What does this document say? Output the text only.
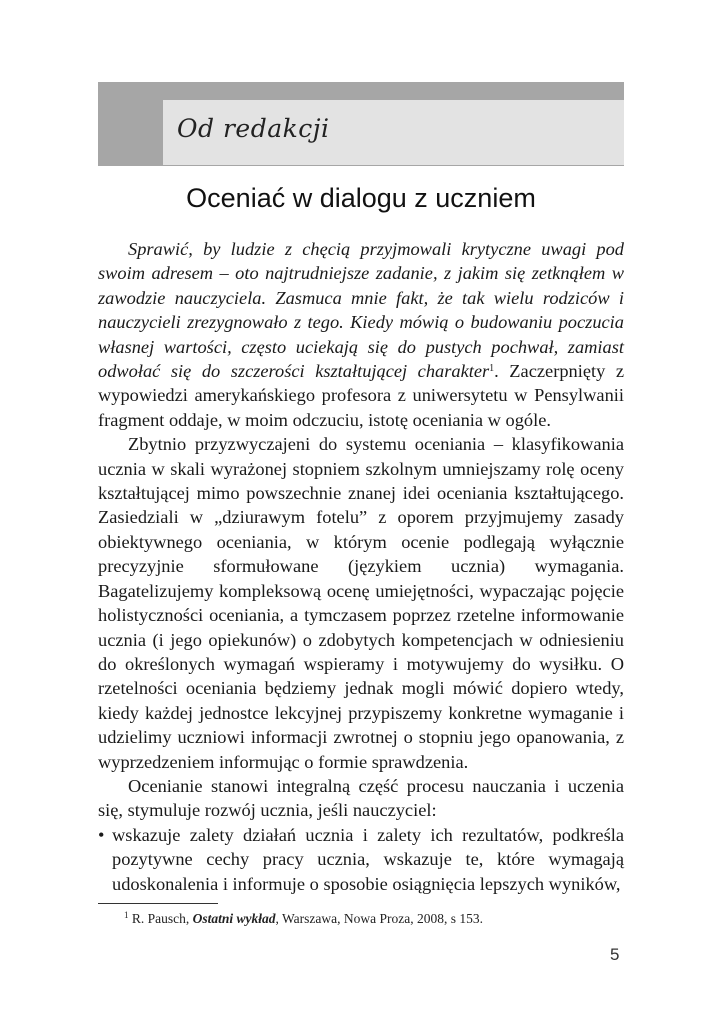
Od redakcji
Oceniać w dialogu z uczniem

Sprawić, by ludzie z chęcią przyjmowali krytyczne uwagi pod swoim adresem – oto najtrudniejsze zadanie, z jakim się zetknąłem w zawodzie nauczyciela. Zasmuca mnie fakt, że tak wielu rodziców i nauczycieli zrezygnowało z tego. Kiedy mówią o budowaniu poczucia własnej wartości, często uciekają się do pustych pochwał, zamiast odwołać się do szczerości kształtującej charakter$^1$. Zaczerpnięty z wypowiedzi amerykańskiego profesora z uniwersytetu w Pensylwanii fragment oddaje, w moim odczuciu, istotę oceniania w ogóle.

Zbytnio przyzwyczajeni do systemu oceniania – klasyfikowania ucznia w skali wyrażonej stopniem szkolnym umniejszamy rolę oceny kształtującej mimo powszechnie znanej idei oceniania kształtującego. Zasiedziali w „dziurawym fotelu” z oporem przyjmujemy zasady obiektywnego oceniania, w którym ocenie podlegają wyłącznie precyzyjnie sformułowane (językiem ucznia) wymagania. Bagatelizujemy kompleksową ocenę umiejętności, wypaczając pojęcie holistyczności oceniania, a tymczasem poprzez rzetelne informowanie ucznia (i jego opiekunów) o zdobytych kompetencjach w odniesieniu do określonych wymagań wspieramy i motywujemy do wysiłku. O rzetelności oceniania będziemy jednak mogli mówić dopiero wtedy, kiedy każdej jednostce lekcyjnej przypiszemy konkretne wymaganie i udzielimy uczniowi informacji zwrotnej o stopniu jego opanowania, z wyprzedzeniem informując o formie sprawdzenia.

Ocenianie stanowi integralną część procesu nauczania i uczenia się, stymuluje rozwój ucznia, jeśli nauczyciel:

• wskazuje zalety działań ucznia i zalety ich rezultatów, podkreśla pozytywne cechy pracy ucznia, wskazuje te, które wymagają udoskonalenia i informuje o sposobie osiągnięcia lepszych wyników,
$^1$ R. Pausch, Ostatni wykład, Warszawa, Nowa Proza, 2008, s 153.
5
